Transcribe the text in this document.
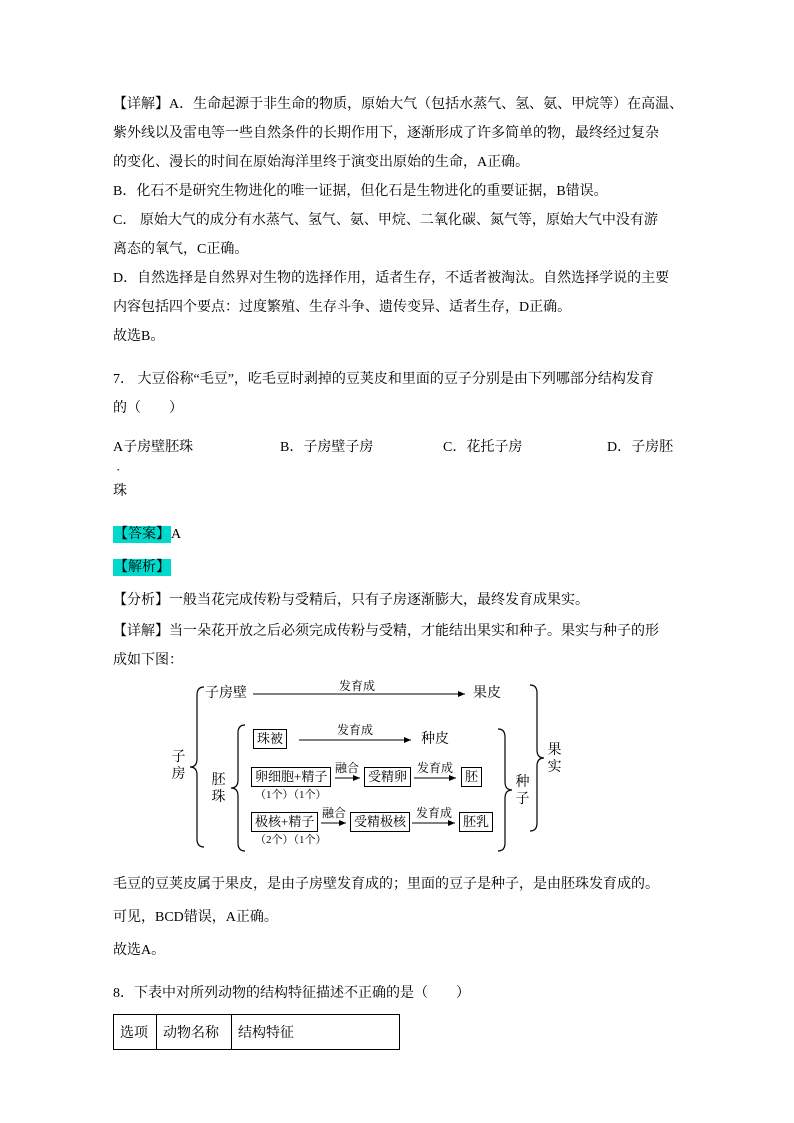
【详解】A．生命起源于非生命的物质，原始大气（包括水蒸气、氢、氨、甲烷等）在高温、
紫外线以及雷电等一些自然条件的长期作用下，逐渐形成了许多简单的物，最终经过复杂
的变化、漫长的时间在原始海洋里终于演变出原始的生命，A正确。
B．化石不是研究生物进化的唯一证据，但化石是生物进化的重要证据，B错误。
C． 原始大气的成分有水蒸气、氢气、氨、甲烷、二氧化碳、氮气等，原始大气中没有游
离态的氧气，C正确。
D．自然选择是自然界对生物的选择作用，适者生存，不适者被淘汰。自然选择学说的主要
内容包括四个要点：过度繁殖、生存斗争、遗传变异、适者生存，D正确。
故选B。
7． 大豆俗称“毛豆”，吃毛豆时剥掉的豆荚皮和里面的豆子分别是由下列哪部分结构发育
的（　　）
A子房壁胚珠	B．子房壁子房	C．花托子房	D．子房胚
·
珠
【答案】A
【解析】
【分析】一般当花完成传粉与受精后，只有子房逐渐膨大，最终发育成果实。
【详解】当一朵花开放之后必须完成传粉与受精，才能结出果实和种子。果实与种子的形
成如下图：
子房
子房壁	发育成	果皮
胚珠
珠被
发育成
种皮
卵细胞+精子
融合
受精卵
发育成
胚
（1个）（1个）
极核+精子
融合
受精极核
发育成
胚乳
（2个）（1个）
种子
果实
毛豆的豆荚皮属于果皮，是由子房壁发育成的；里面的豆子是种子，是由胚珠发育成的。
可见，BCD错误，A正确。
故选A。
8．下表中对所列动物的结构特征描述不正确的是（　　）
选项	动物名称	结构特征
